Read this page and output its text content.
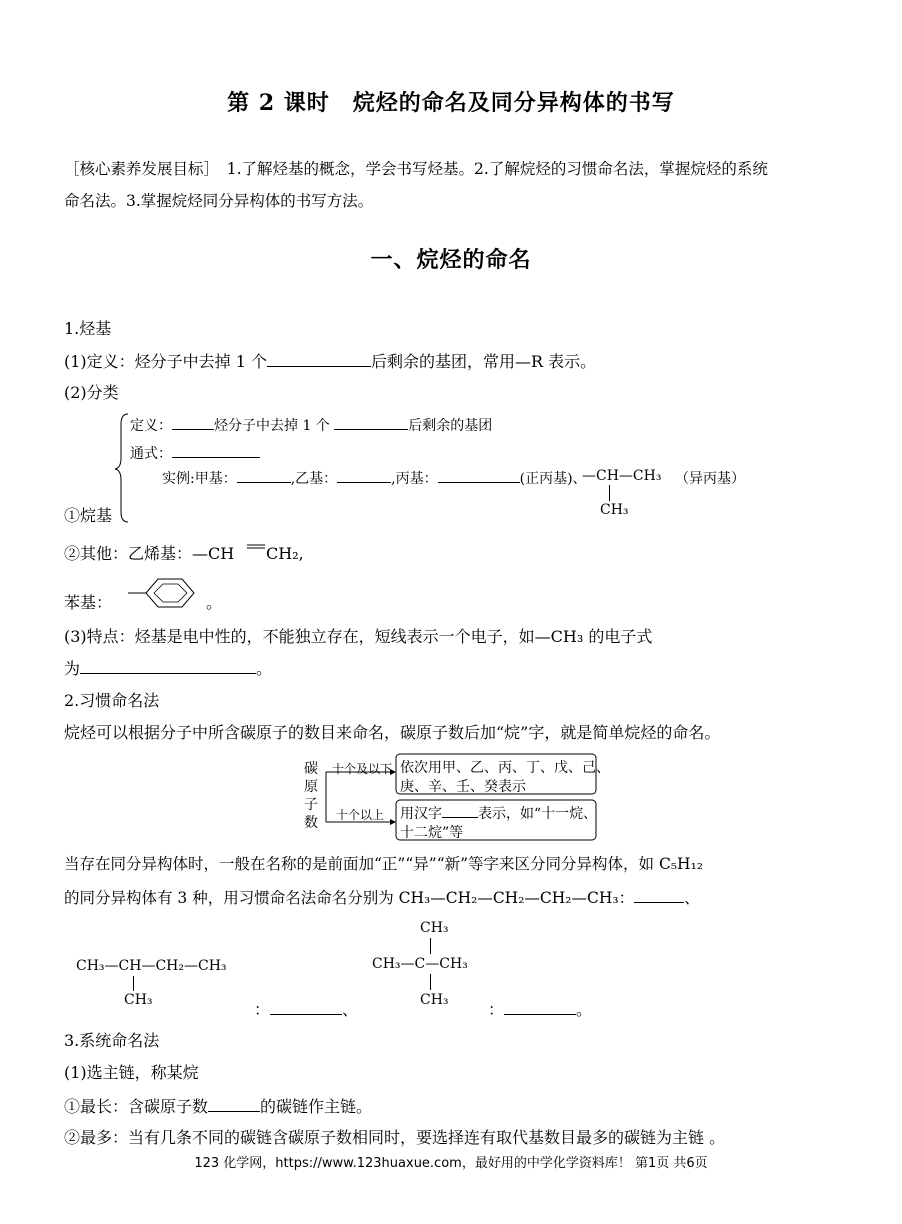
第 2 课时　烷烃的命名及同分异构体的书写
［核心素养发展目标］　1.了解烃基的概念，学会书写烃基。2.了解烷烃的习惯命名法，掌握烷烃的系统
命名法。3.掌握烷烃同分异构体的书写方法。
一、烷烃的命名
1.烃基
(1)定义：烃分子中去掉 1 个	后剩余的基团，常用—R 表示。
(2)分类
定义：	烃分子中去掉 1 个	后剩余的基团
通式：
实例:甲基：	,乙基：	,丙基：	(正丙基)、
—CH—CH₃ （异丙基）
CH₃
①烷基
②其他：乙烯基：—CH CH₂,
苯基：	。
(3)特点：烃基是电中性的，不能独立存在，短线表示一个电子，如—CH₃ 的电子式
为	。
2.习惯命名法
烷烃可以根据分子中所含碳原子的数目来命名，碳原子数后加“烷”字，就是简单烷烃的命名。
碳
原
子
数
十个及以下
十个以上
依次用甲、乙、丙、丁、戊、己、
庚、辛、壬、癸表示
用汉字	表示，如“十一烷、
十二烷”等
当存在同分异构体时，一般在名称的是前面加“正”“异”“新”等字来区分同分异构体，如 C₅H₁₂
的同分异构体有 3 种，用习惯命名法命名分别为 CH₃—CH₂—CH₂—CH₂—CH₃：	、
CH₃—CH—CH₂—CH₃
CH₃
CH₃
CH₃—C—CH₃
CH₃
：	、	：	。
3.系统命名法
(1)选主链，称某烷
①最长：含碳原子数	的碳链作主链。
②最多：当有几条不同的碳链含碳原子数相同时，要选择连有取代基数目最多的碳链为主链 。
123 化学网，https://www.123huaxue.com，最好用的中学化学资料库！ 第1页 共6页
